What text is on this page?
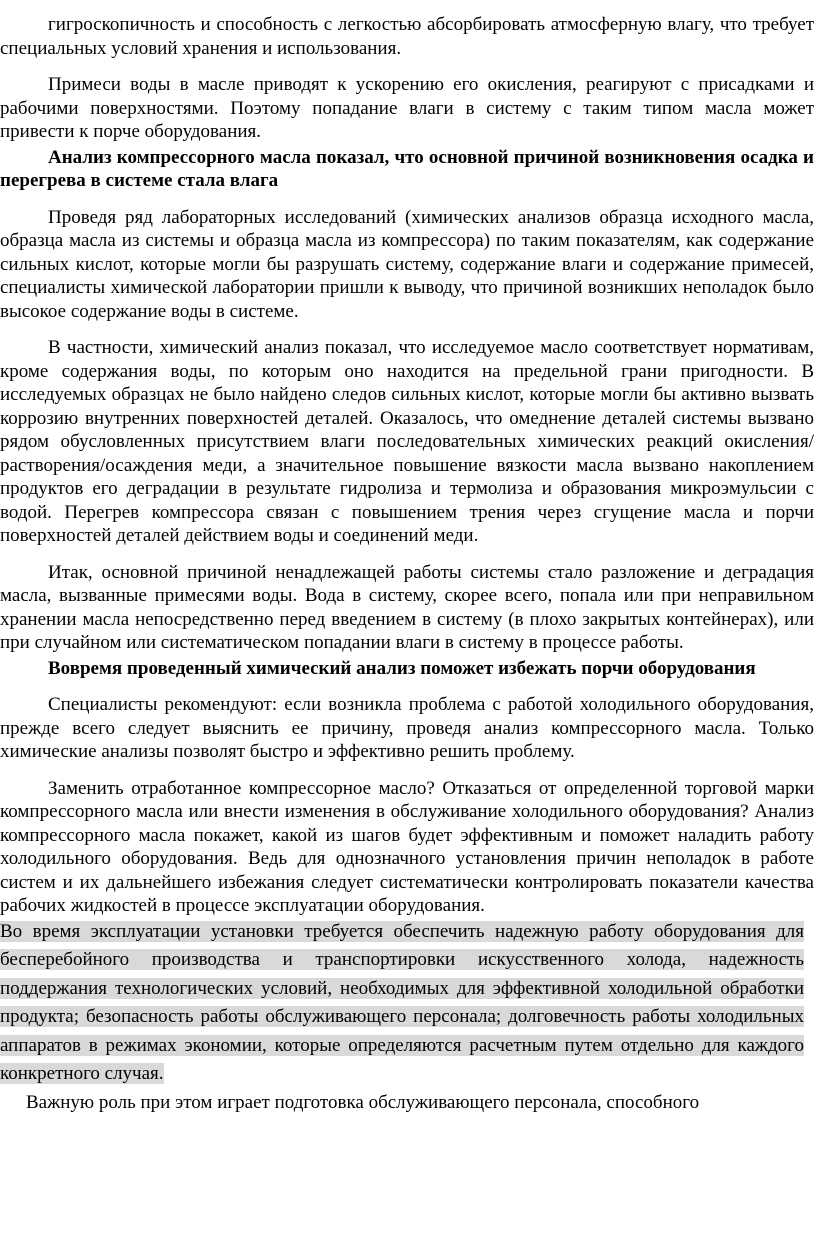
гигроскопичность и способность с легкостью абсорбировать атмосферную влагу, что требует специальных условий хранения и использования.

Примеси воды в масле приводят к ускорению его окисления, реагируют с присадками и рабочими поверхностями. Поэтому попадание влаги в систему с таким типом масла может привести к порче оборудования.

Анализ компрессорного масла показал, что основной причиной возникновения осадка и перегрева в системе стала влага

Проведя ряд лабораторных исследований (химических анализов образца исходного масла, образца масла из системы и образца масла из компрессора) по таким показателям, как содержание сильных кислот, которые могли бы разрушать систему, содержание влаги и содержание примесей, специалисты химической лаборатории пришли к выводу, что причиной возникших неполадок было высокое содержание воды в системе.

В частности, химический анализ показал, что исследуемое масло соответствует нормативам, кроме содержания воды, по которым оно находится на предельной грани пригодности. В исследуемых образцах не было найдено следов сильных кислот, которые могли бы активно вызвать коррозию внутренних поверхностей деталей. Оказалось, что омеднение деталей системы вызвано рядом обусловленных присутствием влаги последовательных химических реакций окисления/растворения/осаждения меди, а значительное повышение вязкости масла вызвано накоплением продуктов его деградации в результате гидролиза и термолиза и образования микроэмульсии с водой. Перегрев компрессора связан с повышением трения через сгущение масла и порчи поверхностей деталей действием воды и соединений меди.

Итак, основной причиной ненадлежащей работы системы стало разложение и деградация масла, вызванные примесями воды. Вода в систему, скорее всего, попала или при неправильном хранении масла непосредственно перед введением в систему (в плохо закрытых контейнерах), или при случайном или систематическом попадании влаги в систему в процессе работы.

Вовремя проведенный химический анализ поможет избежать порчи оборудования

Специалисты рекомендуют: если возникла проблема с работой холодильного оборудования, прежде всего следует выяснить ее причину, проведя анализ компрессорного масла. Только химические анализы позволят быстро и эффективно решить проблему.

Заменить отработанное компрессорное масло? Отказаться от определенной торговой марки компрессорного масла или внести изменения в обслуживание холодильного оборудования? Анализ компрессорного масла покажет, какой из шагов будет эффективным и поможет наладить работу холодильного оборудования. Ведь для однозначного установления причин неполадок в работе систем и их дальнейшего избежания следует систематически контролировать показатели качества рабочих жидкостей в процессе эксплуатации оборудования.

Во время эксплуатации установки требуется обеспечить надежную работу оборудования для бесперебойного производства и транспортировки искусственного холода, надежность поддержания технологических условий, необходимых для эффективной холодильной обработки продукта; безопасность работы обслуживающего персонала; долговечность работы холодильных аппаратов в режимах экономии, которые определяются расчетным путем отдельно для каждого конкретного случая.

Важную роль при этом играет подготовка обслуживающего персонала, способного
